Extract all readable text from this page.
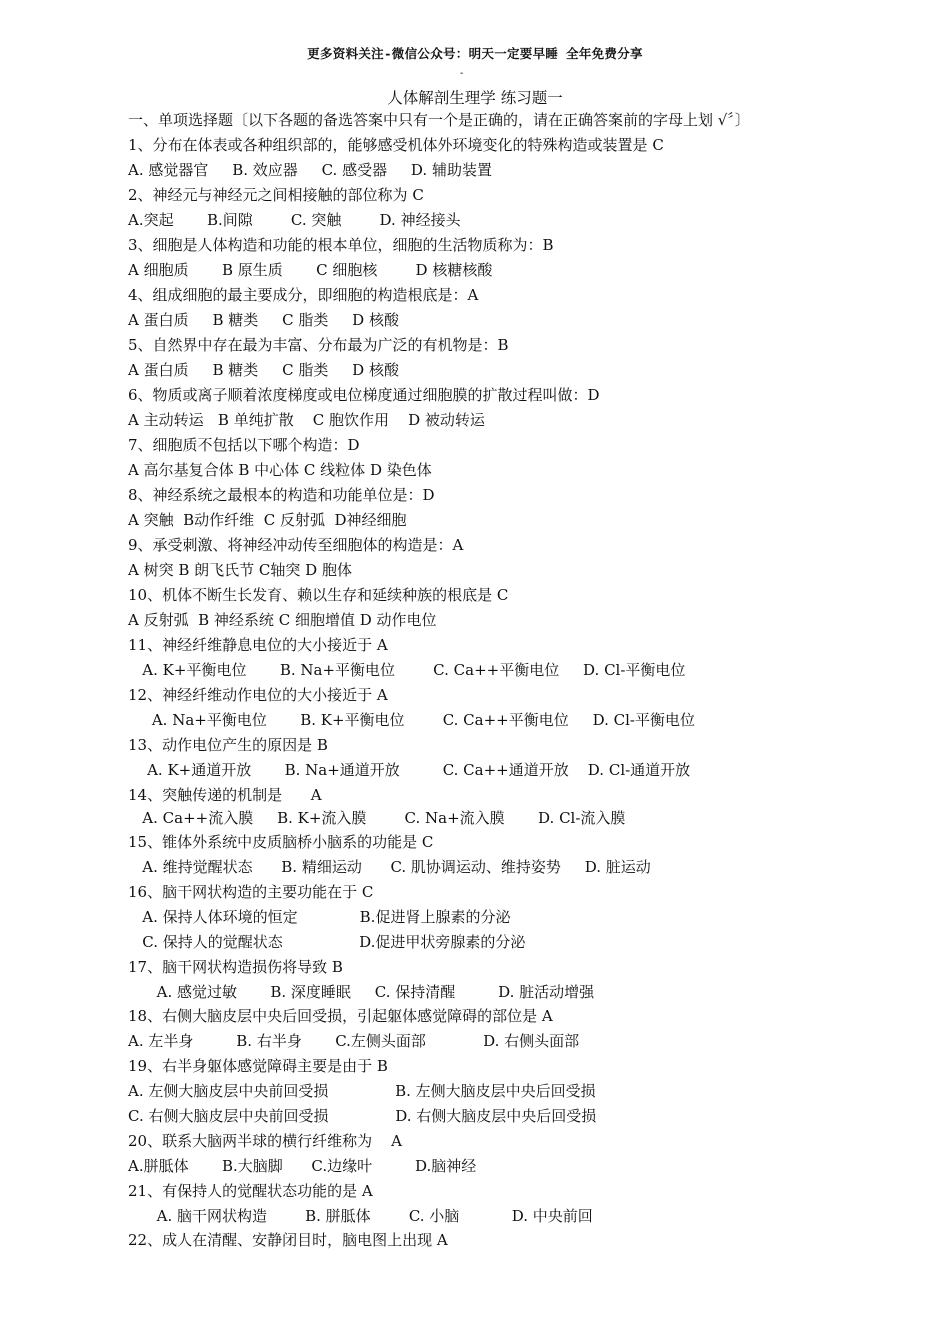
更多资料关注-微信公众号：明天一定要早睡 全年免费分享
-
人体解剖生理学 练习题一
一、单项选择题〔以下各题的备选答案中只有一个是正确的，请在正确答案前的字母上划 √〞〕
1、分布在体表或各种组织部的，能够感受机体外环境变化的特殊构造或装置是 C
A. 感觉器官     B. 效应器     C. 感受器     D. 辅助装置
2、神经元与神经元之间相接触的部位称为 C
A.突起       B.间隙        C. 突触        D. 神经接头
3、细胞是人体构造和功能的根本单位，细胞的生活物质称为：B
A 细胞质       B 原生质       C 细胞核        D 核糖核酸
4、组成细胞的最主要成分，即细胞的构造根底是：A
A 蛋白质     B 糖类     C 脂类     D 核酸
5、自然界中存在最为丰富、分布最为广泛的有机物是：B
A 蛋白质     B 糖类     C 脂类     D 核酸
6、物质或离子顺着浓度梯度或电位梯度通过细胞膜的扩散过程叫做：D
A 主动转运   B 单纯扩散    C 胞饮作用    D 被动转运
7、细胞质不包括以下哪个构造：D
A 高尔基复合体 B 中心体 C 线粒体 D 染色体
8、神经系统之最根本的构造和功能单位是：D
A 突触  B动作纤维  C 反射弧  D神经细胞
9、承受刺激、将神经冲动传至细胞体的构造是：A
A 树突 B 朗飞氏节 C轴突 D 胞体
10、机体不断生长发育、赖以生存和延续种族的根底是 C
A 反射弧  B 神经系统 C 细胞增值 D 动作电位
11、神经纤维静息电位的大小接近于 A
A. K+平衡电位       B. Na+平衡电位        C. Ca++平衡电位     D. Cl-平衡电位
12、神经纤维动作电位的大小接近于 A
A. Na+平衡电位       B. K+平衡电位        C. Ca++平衡电位     D. Cl-平衡电位
13、动作电位产生的原因是 B
A. K+通道开放       B. Na+通道开放         C. Ca++通道开放    D. Cl-通道开放
14、突触传递的机制是      A
A. Ca++流入膜     B. K+流入膜        C. Na+流入膜       D. Cl-流入膜
15、锥体外系统中皮质脑桥小脑系的功能是 C
A. 维持觉醒状态      B. 精细运动      C. 肌协调运动、维持姿势     D. 脏运动
16、脑干网状构造的主要功能在于 C
A. 保持人体环境的恒定             B.促进肾上腺素的分泌
C. 保持人的觉醒状态                D.促进甲状旁腺素的分泌
17、脑干网状构造损伤将导致 B
A. 感觉过敏       B. 深度睡眠     C. 保持清醒         D. 脏活动增强
18、右侧大脑皮层中央后回受损，引起躯体感觉障碍的部位是 A
A. 左半身         B. 右半身       C.左侧头面部            D. 右侧头面部
19、右半身躯体感觉障碍主要是由于 B
A. 左侧大脑皮层中央前回受损              B. 左侧大脑皮层中央后回受损
C. 右侧大脑皮层中央前回受损              D. 右侧大脑皮层中央后回受损
20、联系大脑两半球的横行纤维称为    A
A.胼胝体       B.大脑脚      C.边缘叶         D.脑神经
21、有保持人的觉醒状态功能的是 A
A. 脑干网状构造        B. 胼胝体        C. 小脑           D. 中央前回
22、成人在清醒、安静闭目时，脑电图上出现 A
